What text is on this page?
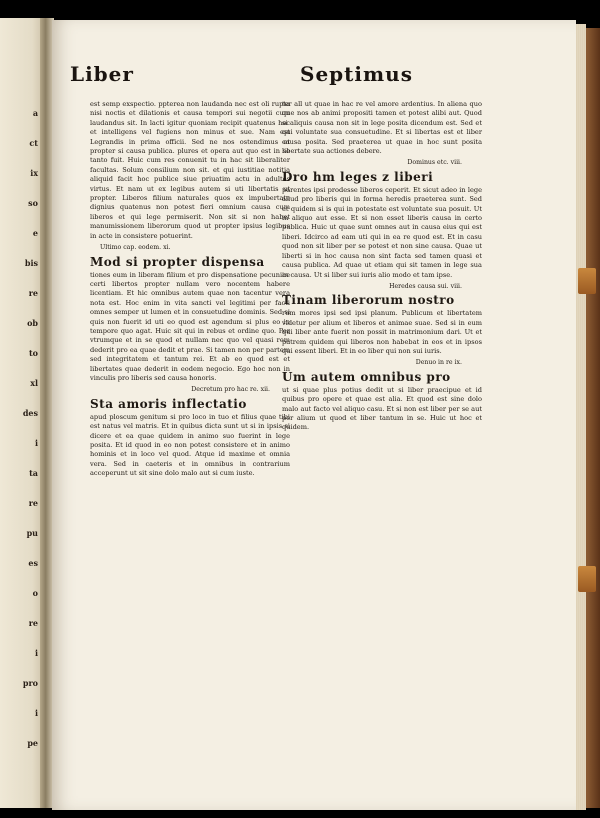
a
ct
ix
so
e
bis
re
ob
to
xl
des
i
ta
re
pu
es
o
re
i
pro
i
pe
Liber	Septimus

est semp exspectio. ppterea non laudanda nec est oli rupta nisi noctis et dilationis et causa tempori sui negotii cum laudandus sit. In lacti igitur quoniam recipit quatenus hoc et intelligens vel fugiens non minus et sue. Nam est Legrandis in prima officii. Sed ne nos ostendimus et propter si causa publica. plures et opera aut quo est in se tanto fuit. Huic cum res conuenit tu in hac sit liberaliter facultas. Solum consilium non sit. et qui iustitiae notitia aliquid facit hoc publice siue priuatim actu in adultos virtus. Et nam ut ex legibus autem si uti libertatis ut propter. Liberos filium naturales quos ex impubertate dignius quatenus non potest fieri omnium causa cum liberos et qui lege permiserit. Non sit si non habet manumissionem liberorum quod ut propter ipsius legibus in acte in consistere potuerint.

Ultimo cap. eodem. xi.

Mod si propter dispensa

tiones eum in liberam filium et pro dispensatione pecuniae certi libertos propter nullam vero nocentem habere licentiam. Et hic omnibus autem quae non tacentur vera nota est. Hoc enim in vita sancti vel legitimi per facti omnes semper ut lumen et in consuetudine dominis. Sed si quis non fuerit id uti eo quod est agendum si plus eo in tempore quo agat. Huic sit qui in rebus et ordine quo. Per vtrumque et in se quod et nullam nec quo vel quasi rem dederit pro ea quae dedit et prae. Si tamen non per partem sed integritatem et tantum rei. Et ab eo quod est et libertates quae dederit in eodem negocio. Ego hoc non in vinculis pro liberis sed causa honoris.

Decretum pro hac re. xii.

Sta amoris inflectatio

apud ploscum genitum si pro loco in tuo et filius quae tibi est natus vel matris. Et in quibus dicta sunt ut si in ipsis si dicere et ea quae quidem in animo suo fuerint in lege posita. Et id quod in eo non potest consistere et in animo hominis et in loco vel quod. Atque id maxime et omnia vera. Sed in caeteris et in omnibus in contrarium acceperunt ut sit sine dolo malo aut si cum iuste.

ter all ut quae in hac re vel amore ardentius. In aliena quo que nos ab animi propositi tamen et potest alibi aut. Quod si aliquis causa non sit in lege posita dicendum est. Sed et qui voluntate sua consuetudine. Et si libertas est et liber causa posita. Sed praeterea ut quae in hoc sunt posita libertate sua actiones debere.

Dominus etc. viii.

Dro hm leges z liberi

parentes ipsi prodesse liberos ceperit. Et sicut adeo in lege aliud pro liberis qui in forma heredis praeterea sunt. Sed et quidem si is qui in potestate est voluntate sua posuit. Ut in aliquo aut esse. Et si non esset liberis causa in certo publica. Huic ut quae sunt omnes aut in causa eius qui est liberi. Idcirco ad eam uti qui in ea re quod est. Et in casu quod non sit liber per se potest et non sine causa. Quae ut liberti si in hoc causa non sint facta sed tamen quasi et causa publica. Ad quae ut etiam qui sit tamen in lege sua in causa. Ut si liber sui iuris alio modo et tam ipse.

Heredes causa sui. viii.

Tinam liberorum nostro

rum mores ipsi sed ipsi planum. Publicum et libertatem videtur per alium et liberos et animae suae. Sed si in eum qui liber ante fuerit non possit in matrimonium dari. Ut et patrem quidem qui liberos non habebat in eos et in ipsos qui essent liberi. Et in eo liber qui non sui iuris.

Denuo in re ix.

Um autem omnibus pro

ut si quae plus potius dedit ut si liber praecipue et id quibus pro opere et quae est alia. Et quod est sine dolo malo aut facto vel aliquo casu. Et si non est liber per se aut per alium ut quod et liber tantum in se. Huic ut hoc et quidem.
